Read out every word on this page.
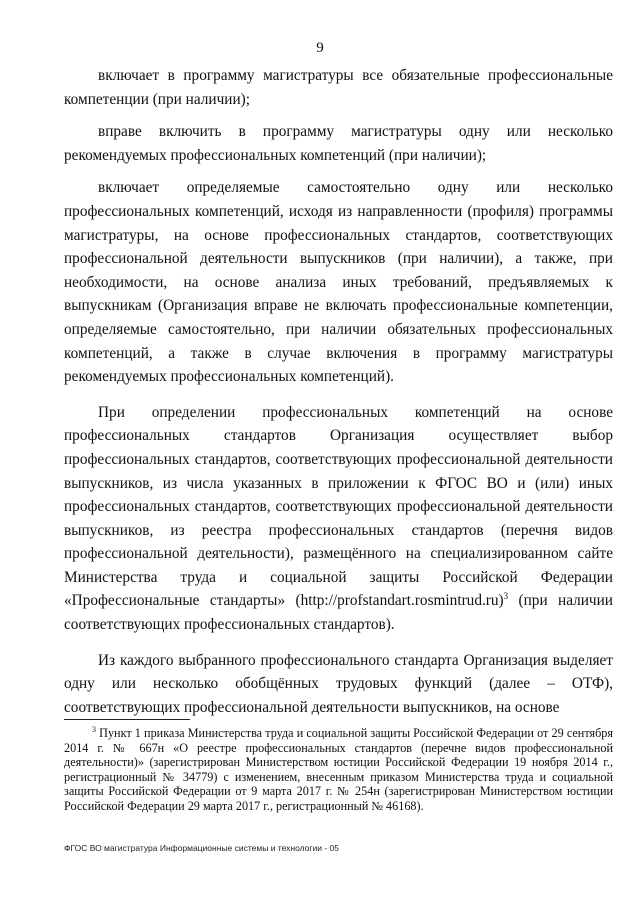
9

включает в программу магистратуры все обязательные профессиональные компетенции (при наличии);

вправе включить в программу магистратуры одну или несколько рекомендуемых профессиональных компетенций (при наличии);

включает определяемые самостоятельно одну или несколько профессиональных компетенций, исходя из направленности (профиля) программы магистратуры, на основе профессиональных стандартов, соответствующих профессиональной деятельности выпускников (при наличии), а также, при необходимости, на основе анализа иных требований, предъявляемых к выпускникам (Организация вправе не включать профессиональные компетенции, определяемые самостоятельно, при наличии обязательных профессиональных компетенций, а также в случае включения в программу магистратуры рекомендуемых профессиональных компетенций).

При определении профессиональных компетенций на основе профессиональных стандартов Организация осуществляет выбор профессиональных стандартов, соответствующих профессиональной деятельности выпускников, из числа указанных в приложении к ФГОС ВО и (или) иных профессиональных стандартов, соответствующих профессиональной деятельности выпускников, из реестра профессиональных стандартов (перечня видов профессиональной деятельности), размещённого на специализированном сайте Министерства труда и социальной защиты Российской Федерации «Профессиональные стандарты» (http://profstandart.rosmintrud.ru)$^3$ (при наличии соответствующих профессиональных стандартов).

Из каждого выбранного профессионального стандарта Организация выделяет одну или несколько обобщённых трудовых функций (далее – ОТФ), соответствующих профессиональной деятельности выпускников, на основе

$^3$ Пункт 1 приказа Министерства труда и социальной защиты Российской Федерации от 29 сентября 2014 г. № 667н «О реестре профессиональных стандартов (перечне видов профессиональной деятельности)» (зарегистрирован Министерством юстиции Российской Федерации 19 ноября 2014 г., регистрационный № 34779) с изменением, внесенным приказом Министерства труда и социальной защиты Российской Федерации от 9 марта 2017 г. № 254н (зарегистрирован Министерством юстиции Российской Федерации 29 марта 2017 г., регистрационный № 46168).
ФГОС ВО магистратура Информационные системы и технологии - 05
